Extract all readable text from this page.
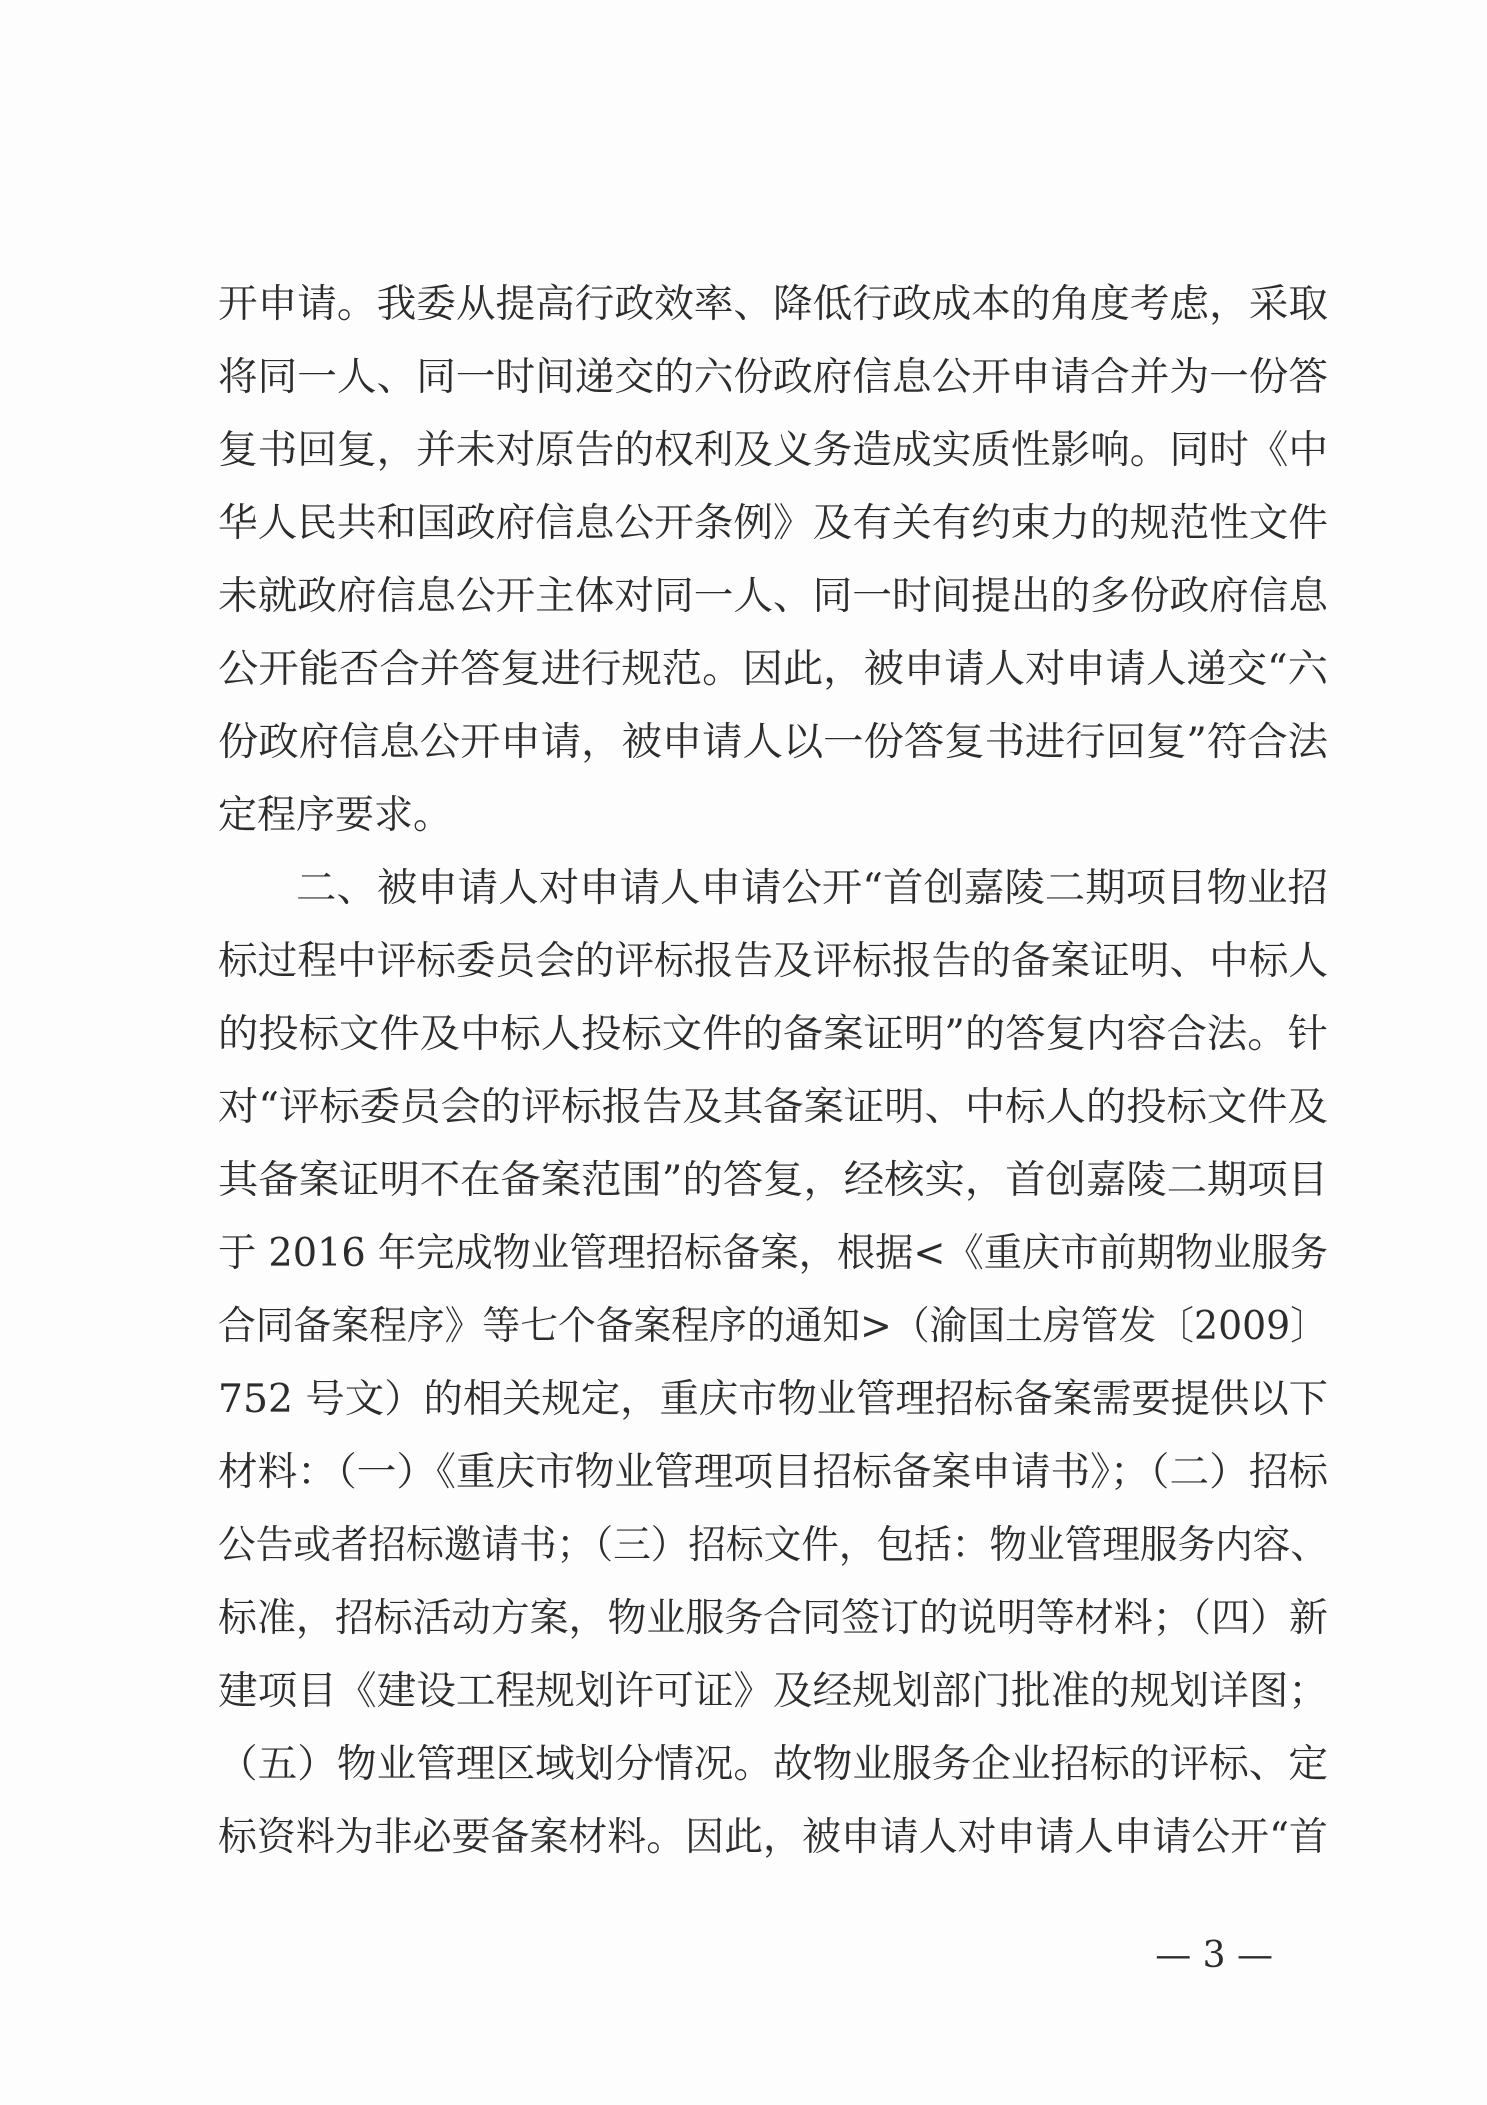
开申请。我委从提高行政效率、降低行政成本的角度考虑，采取
将同一人、同一时间递交的六份政府信息公开申请合并为一份答
复书回复，并未对原告的权利及义务造成实质性影响。同时《中
华人民共和国政府信息公开条例》及有关有约束力的规范性文件
未就政府信息公开主体对同一人、同一时间提出的多份政府信息
公开能否合并答复进行规范。因此，被申请人对申请人递交“六
份政府信息公开申请，被申请人以一份答复书进行回复”符合法
定程序要求。
二、被申请人对申请人申请公开“首创嘉陵二期项目物业招
标过程中评标委员会的评标报告及评标报告的备案证明、中标人
的投标文件及中标人投标文件的备案证明”的答复内容合法。针
对“评标委员会的评标报告及其备案证明、中标人的投标文件及
其备案证明不在备案范围”的答复，经核实，首创嘉陵二期项目
于 2016 年完成物业管理招标备案，根据<《重庆市前期物业服务
合同备案程序》等七个备案程序的通知>（渝国土房管发〔2009〕
752 号文）的相关规定，重庆市物业管理招标备案需要提供以下
材料：（一）《重庆市物业管理项目招标备案申请书》；（二）招标
公告或者招标邀请书；（三）招标文件，包括：物业管理服务内容、
标准，招标活动方案，物业服务合同签订的说明等材料；（四）新
建项目《建设工程规划许可证》及经规划部门批准的规划详图；
（五）物业管理区域划分情况。故物业服务企业招标的评标、定
标资料为非必要备案材料。因此，被申请人对申请人申请公开“首
— 3 —
